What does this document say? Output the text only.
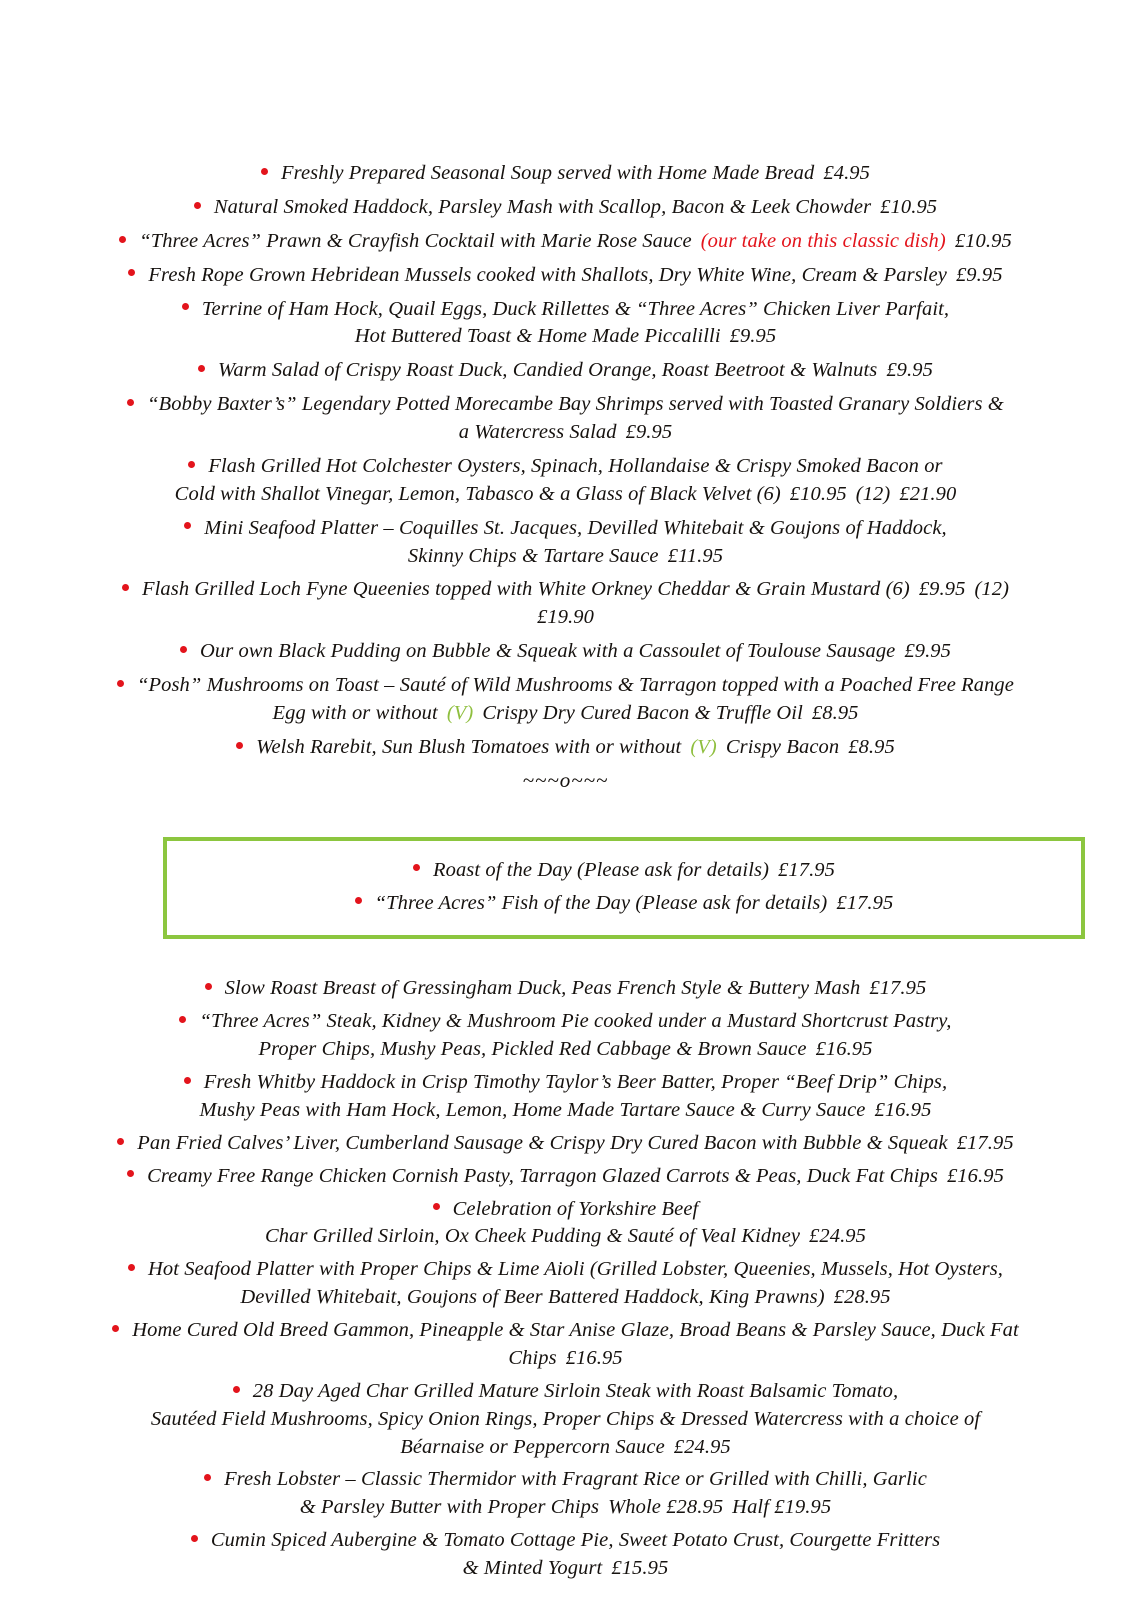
Freshly Prepared Seasonal Soup served with Home Made Bread £4.95

Natural Smoked Haddock, Parsley Mash with Scallop, Bacon & Leek Chowder £10.95

“Three Acres” Prawn & Crayfish Cocktail with Marie Rose Sauce (our take on this classic dish) £10.95

Fresh Rope Grown Hebridean Mussels cooked with Shallots, Dry White Wine, Cream & Parsley £9.95

Terrine of Ham Hock, Quail Eggs, Duck Rillettes & “Three Acres” Chicken Liver Parfait,
Hot Buttered Toast & Home Made Piccalilli £9.95

Warm Salad of Crispy Roast Duck, Candied Orange, Roast Beetroot & Walnuts £9.95

“Bobby Baxter’s” Legendary Potted Morecambe Bay Shrimps served with Toasted Granary Soldiers &
a Watercress Salad £9.95

Flash Grilled Hot Colchester Oysters, Spinach, Hollandaise & Crispy Smoked Bacon or
Cold with Shallot Vinegar, Lemon, Tabasco & a Glass of Black Velvet (6) £10.95 (12) £21.90

Mini Seafood Platter – Coquilles St. Jacques, Devilled Whitebait & Goujons of Haddock,
Skinny Chips & Tartare Sauce £11.95

Flash Grilled Loch Fyne Queenies topped with White Orkney Cheddar & Grain Mustard (6) £9.95 (12)
£19.90

Our own Black Pudding on Bubble & Squeak with a Cassoulet of Toulouse Sausage £9.95

“Posh” Mushrooms on Toast – Sauté of Wild Mushrooms & Tarragon topped with a Poached Free Range
Egg with or without (V) Crispy Dry Cured Bacon & Truffle Oil £8.95

Welsh Rarebit, Sun Blush Tomatoes with or without (V) Crispy Bacon £8.95

~~~o~~~

Roast of the Day (Please ask for details) £17.95

“Three Acres” Fish of the Day (Please ask for details) £17.95

Slow Roast Breast of Gressingham Duck, Peas French Style & Buttery Mash £17.95

“Three Acres” Steak, Kidney & Mushroom Pie cooked under a Mustard Shortcrust Pastry,
Proper Chips, Mushy Peas, Pickled Red Cabbage & Brown Sauce £16.95

Fresh Whitby Haddock in Crisp Timothy Taylor’s Beer Batter, Proper “Beef Drip” Chips,
Mushy Peas with Ham Hock, Lemon, Home Made Tartare Sauce & Curry Sauce £16.95

Pan Fried Calves’ Liver, Cumberland Sausage & Crispy Dry Cured Bacon with Bubble & Squeak £17.95

Creamy Free Range Chicken Cornish Pasty, Tarragon Glazed Carrots & Peas, Duck Fat Chips £16.95

Celebration of Yorkshire Beef
Char Grilled Sirloin, Ox Cheek Pudding & Sauté of Veal Kidney £24.95

Hot Seafood Platter with Proper Chips & Lime Aioli (Grilled Lobster, Queenies, Mussels, Hot Oysters,
Devilled Whitebait, Goujons of Beer Battered Haddock, King Prawns) £28.95

Home Cured Old Breed Gammon, Pineapple & Star Anise Glaze, Broad Beans & Parsley Sauce, Duck Fat
Chips £16.95

28 Day Aged Char Grilled Mature Sirloin Steak with Roast Balsamic Tomato,
Sautéed Field Mushrooms, Spicy Onion Rings, Proper Chips & Dressed Watercress with a choice of
Béarnaise or Peppercorn Sauce £24.95

Fresh Lobster – Classic Thermidor with Fragrant Rice or Grilled with Chilli, Garlic
& Parsley Butter with Proper Chips Whole £28.95 Half £19.95

Cumin Spiced Aubergine & Tomato Cottage Pie, Sweet Potato Crust, Courgette Fritters
& Minted Yogurt £15.95
